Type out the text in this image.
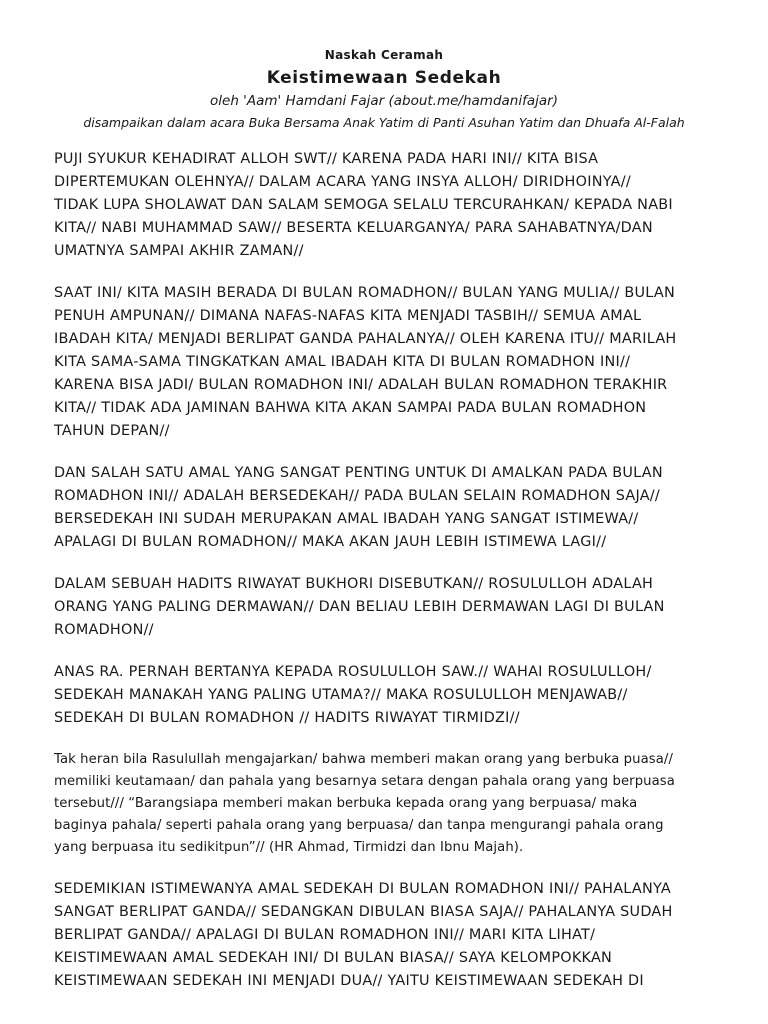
Naskah Ceramah
Keistimewaan Sedekah
oleh 'Aam' Hamdani Fajar (about.me/hamdanifajar)
disampaikan dalam acara Buka Bersama Anak Yatim di Panti Asuhan Yatim dan Dhuafa Al-Falah

PUJI SYUKUR KEHADIRAT ALLOH SWT// KARENA PADA HARI INI// KITA BISA
DIPERTEMUKAN OLEHNYA// DALAM ACARA YANG INSYA ALLOH/ DIRIDHOINYA//
TIDAK LUPA SHOLAWAT DAN SALAM SEMOGA SELALU TERCURAHKAN/ KEPADA NABI
KITA// NABI MUHAMMAD SAW// BESERTA KELUARGANYA/ PARA SAHABATNYA/DAN
UMATNYA SAMPAI AKHIR ZAMAN//

SAAT INI/ KITA MASIH BERADA DI BULAN ROMADHON// BULAN YANG MULIA// BULAN
PENUH AMPUNAN// DIMANA NAFAS-NAFAS KITA MENJADI TASBIH// SEMUA AMAL
IBADAH KITA/ MENJADI BERLIPAT GANDA PAHALANYA// OLEH KARENA ITU// MARILAH
KITA SAMA-SAMA TINGKATKAN AMAL IBADAH KITA DI BULAN ROMADHON INI//
KARENA BISA JADI/ BULAN ROMADHON INI/ ADALAH BULAN ROMADHON TERAKHIR
KITA// TIDAK ADA JAMINAN BAHWA KITA AKAN SAMPAI PADA BULAN ROMADHON
TAHUN DEPAN//

DAN SALAH SATU AMAL YANG SANGAT PENTING UNTUK DI AMALKAN PADA BULAN
ROMADHON INI// ADALAH BERSEDEKAH// PADA BULAN SELAIN ROMADHON SAJA//
BERSEDEKAH INI SUDAH MERUPAKAN AMAL IBADAH YANG SANGAT ISTIMEWA//
APALAGI DI BULAN ROMADHON// MAKA AKAN JAUH LEBIH ISTIMEWA LAGI//

DALAM SEBUAH HADITS RIWAYAT BUKHORI DISEBUTKAN// ROSULULLOH ADALAH
ORANG YANG PALING DERMAWAN// DAN BELIAU LEBIH DERMAWAN LAGI DI BULAN
ROMADHON//

ANAS RA. PERNAH BERTANYA KEPADA ROSULULLOH SAW.// WAHAI ROSULULLOH/
SEDEKAH MANAKAH YANG PALING UTAMA?// MAKA ROSULULLOH MENJAWAB//
SEDEKAH DI BULAN ROMADHON // HADITS RIWAYAT TIRMIDZI//

Tak heran bila Rasulullah mengajarkan/ bahwa memberi makan orang yang berbuka puasa//
memiliki keutamaan/ dan pahala yang besarnya setara dengan pahala orang yang berpuasa
tersebut/// “Barangsiapa memberi makan berbuka kepada orang yang berpuasa/ maka
baginya pahala/ seperti pahala orang yang berpuasa/ dan tanpa mengurangi pahala orang
yang berpuasa itu sedikitpun”// (HR Ahmad, Tirmidzi dan Ibnu Majah).

SEDEMIKIAN ISTIMEWANYA AMAL SEDEKAH DI BULAN ROMADHON INI// PAHALANYA
SANGAT BERLIPAT GANDA// SEDANGKAN DIBULAN BIASA SAJA// PAHALANYA SUDAH
BERLIPAT GANDA// APALAGI DI BULAN ROMADHON INI// MARI KITA LIHAT/
KEISTIMEWAAN AMAL SEDEKAH INI/ DI BULAN BIASA// SAYA KELOMPOKKAN
KEISTIMEWAAN SEDEKAH INI MENJADI DUA// YAITU KEISTIMEWAAN SEDEKAH DI
